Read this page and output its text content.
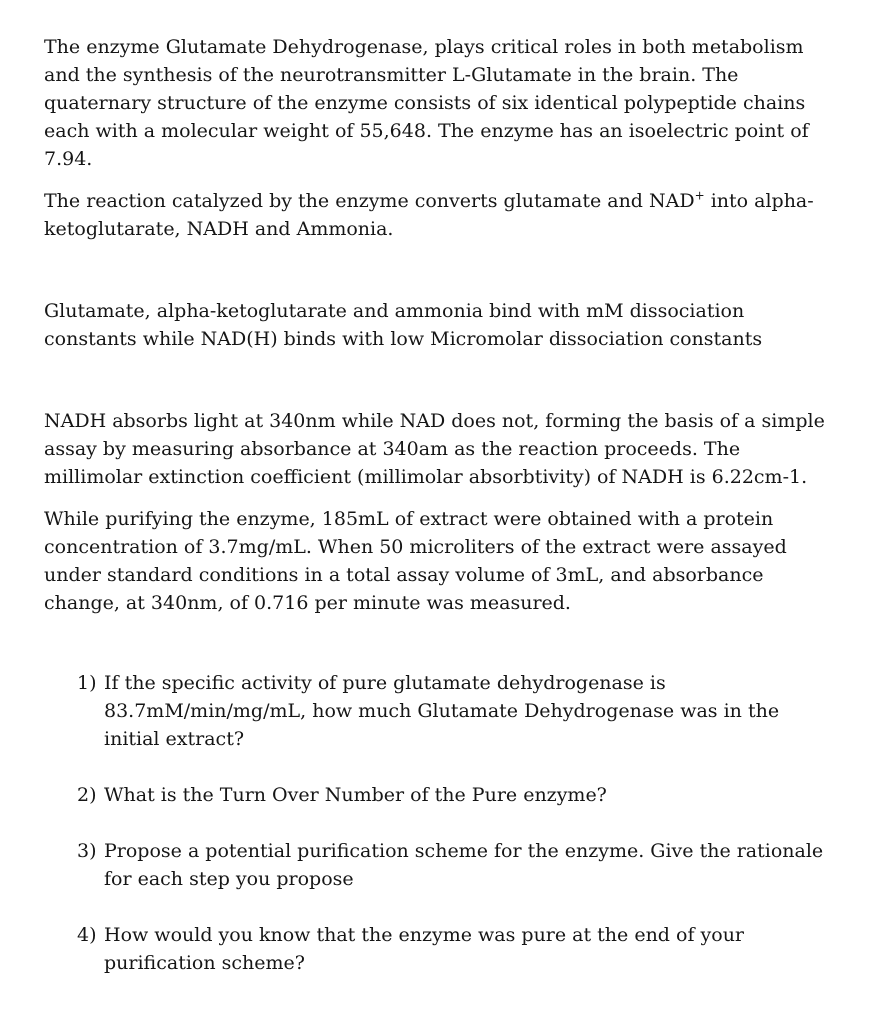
The enzyme Glutamate Dehydrogenase, plays critical roles in both metabolism and the synthesis of the neurotransmitter L-Glutamate in the brain. The quaternary structure of the enzyme consists of six identical polypeptide chains each with a molecular weight of 55,648. The enzyme has an isoelectric point of 7.94.

The reaction catalyzed by the enzyme converts glutamate and NAD+ into alpha-ketoglutarate, NADH and Ammonia.

Glutamate, alpha-ketoglutarate and ammonia bind with mM dissociation constants while NAD(H) binds with low Micromolar dissociation constants

NADH absorbs light at 340nm while NAD does not, forming the basis of a simple assay by measuring absorbance at 340am as the reaction proceeds. The millimolar extinction coefficient (millimolar absorbtivity) of NADH is 6.22cm-1.

While purifying the enzyme, 185mL of extract were obtained with a protein concentration of 3.7mg/mL. When 50 microliters of the extract were assayed under standard conditions in a total assay volume of 3mL, and absorbance change, at 340nm, of 0.716 per minute was measured.

1) If the specific activity of pure glutamate dehydrogenase is 83.7mM/min/mg/mL, how much Glutamate Dehydrogenase was in the initial extract?
2) What is the Turn Over Number of the Pure enzyme?
3) Propose a potential purification scheme for the enzyme. Give the rationale for each step you propose
4) How would you know that the enzyme was pure at the end of your purification scheme?
